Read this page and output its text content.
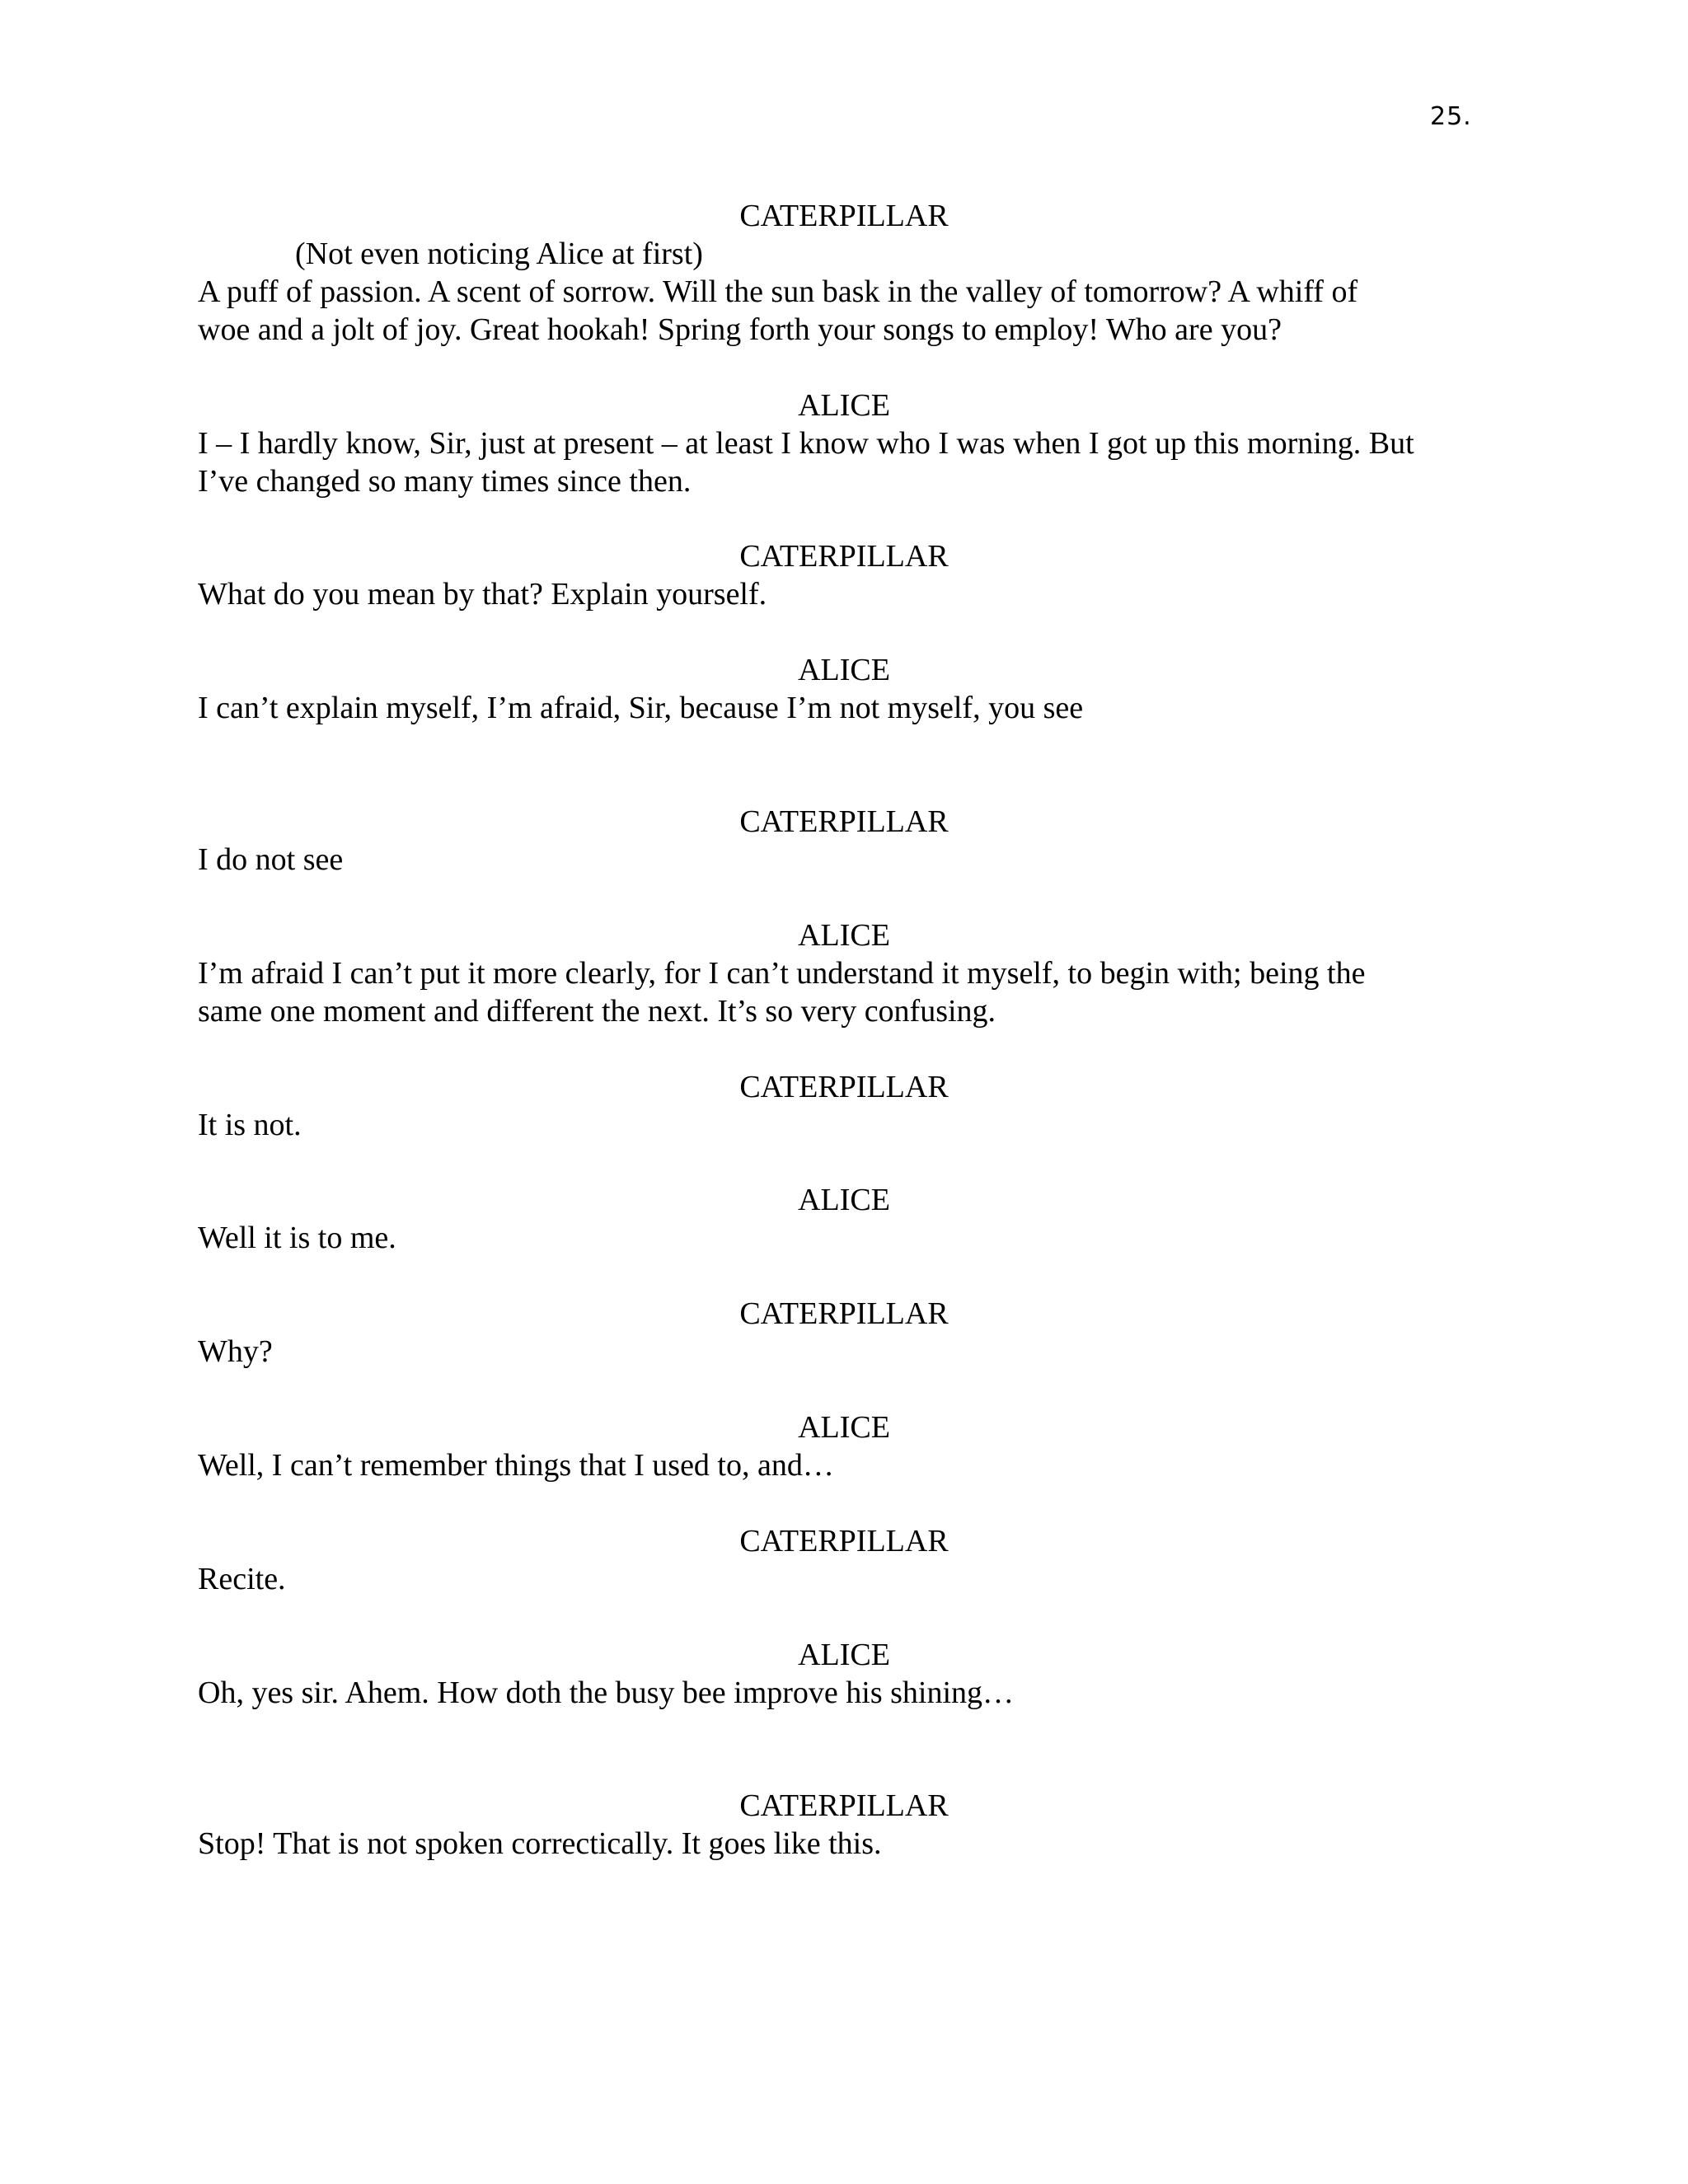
25.
CATERPILLAR
(Not even noticing Alice at first)
A puff of passion. A scent of sorrow. Will the sun bask in the valley of tomorrow? A whiff of
woe and a jolt of joy. Great hookah! Spring forth your songs to employ! Who are you?
ALICE
I – I hardly know, Sir, just at present – at least I know who I was when I got up this morning. But
I’ve changed so many times since then.
CATERPILLAR
What do you mean by that? Explain yourself.
ALICE
I can’t explain myself, I’m afraid, Sir, because I’m not myself, you see
CATERPILLAR
I do not see
ALICE
I’m afraid I can’t put it more clearly, for I can’t understand it myself, to begin with; being the
same one moment and different the next. It’s so very confusing.
CATERPILLAR
It is not.
ALICE
Well it is to me.
CATERPILLAR
Why?
ALICE
Well, I can’t remember things that I used to, and…
CATERPILLAR
Recite.
ALICE
Oh, yes sir. Ahem. How doth the busy bee improve his shining…
CATERPILLAR
Stop! That is not spoken correctically. It goes like this.
